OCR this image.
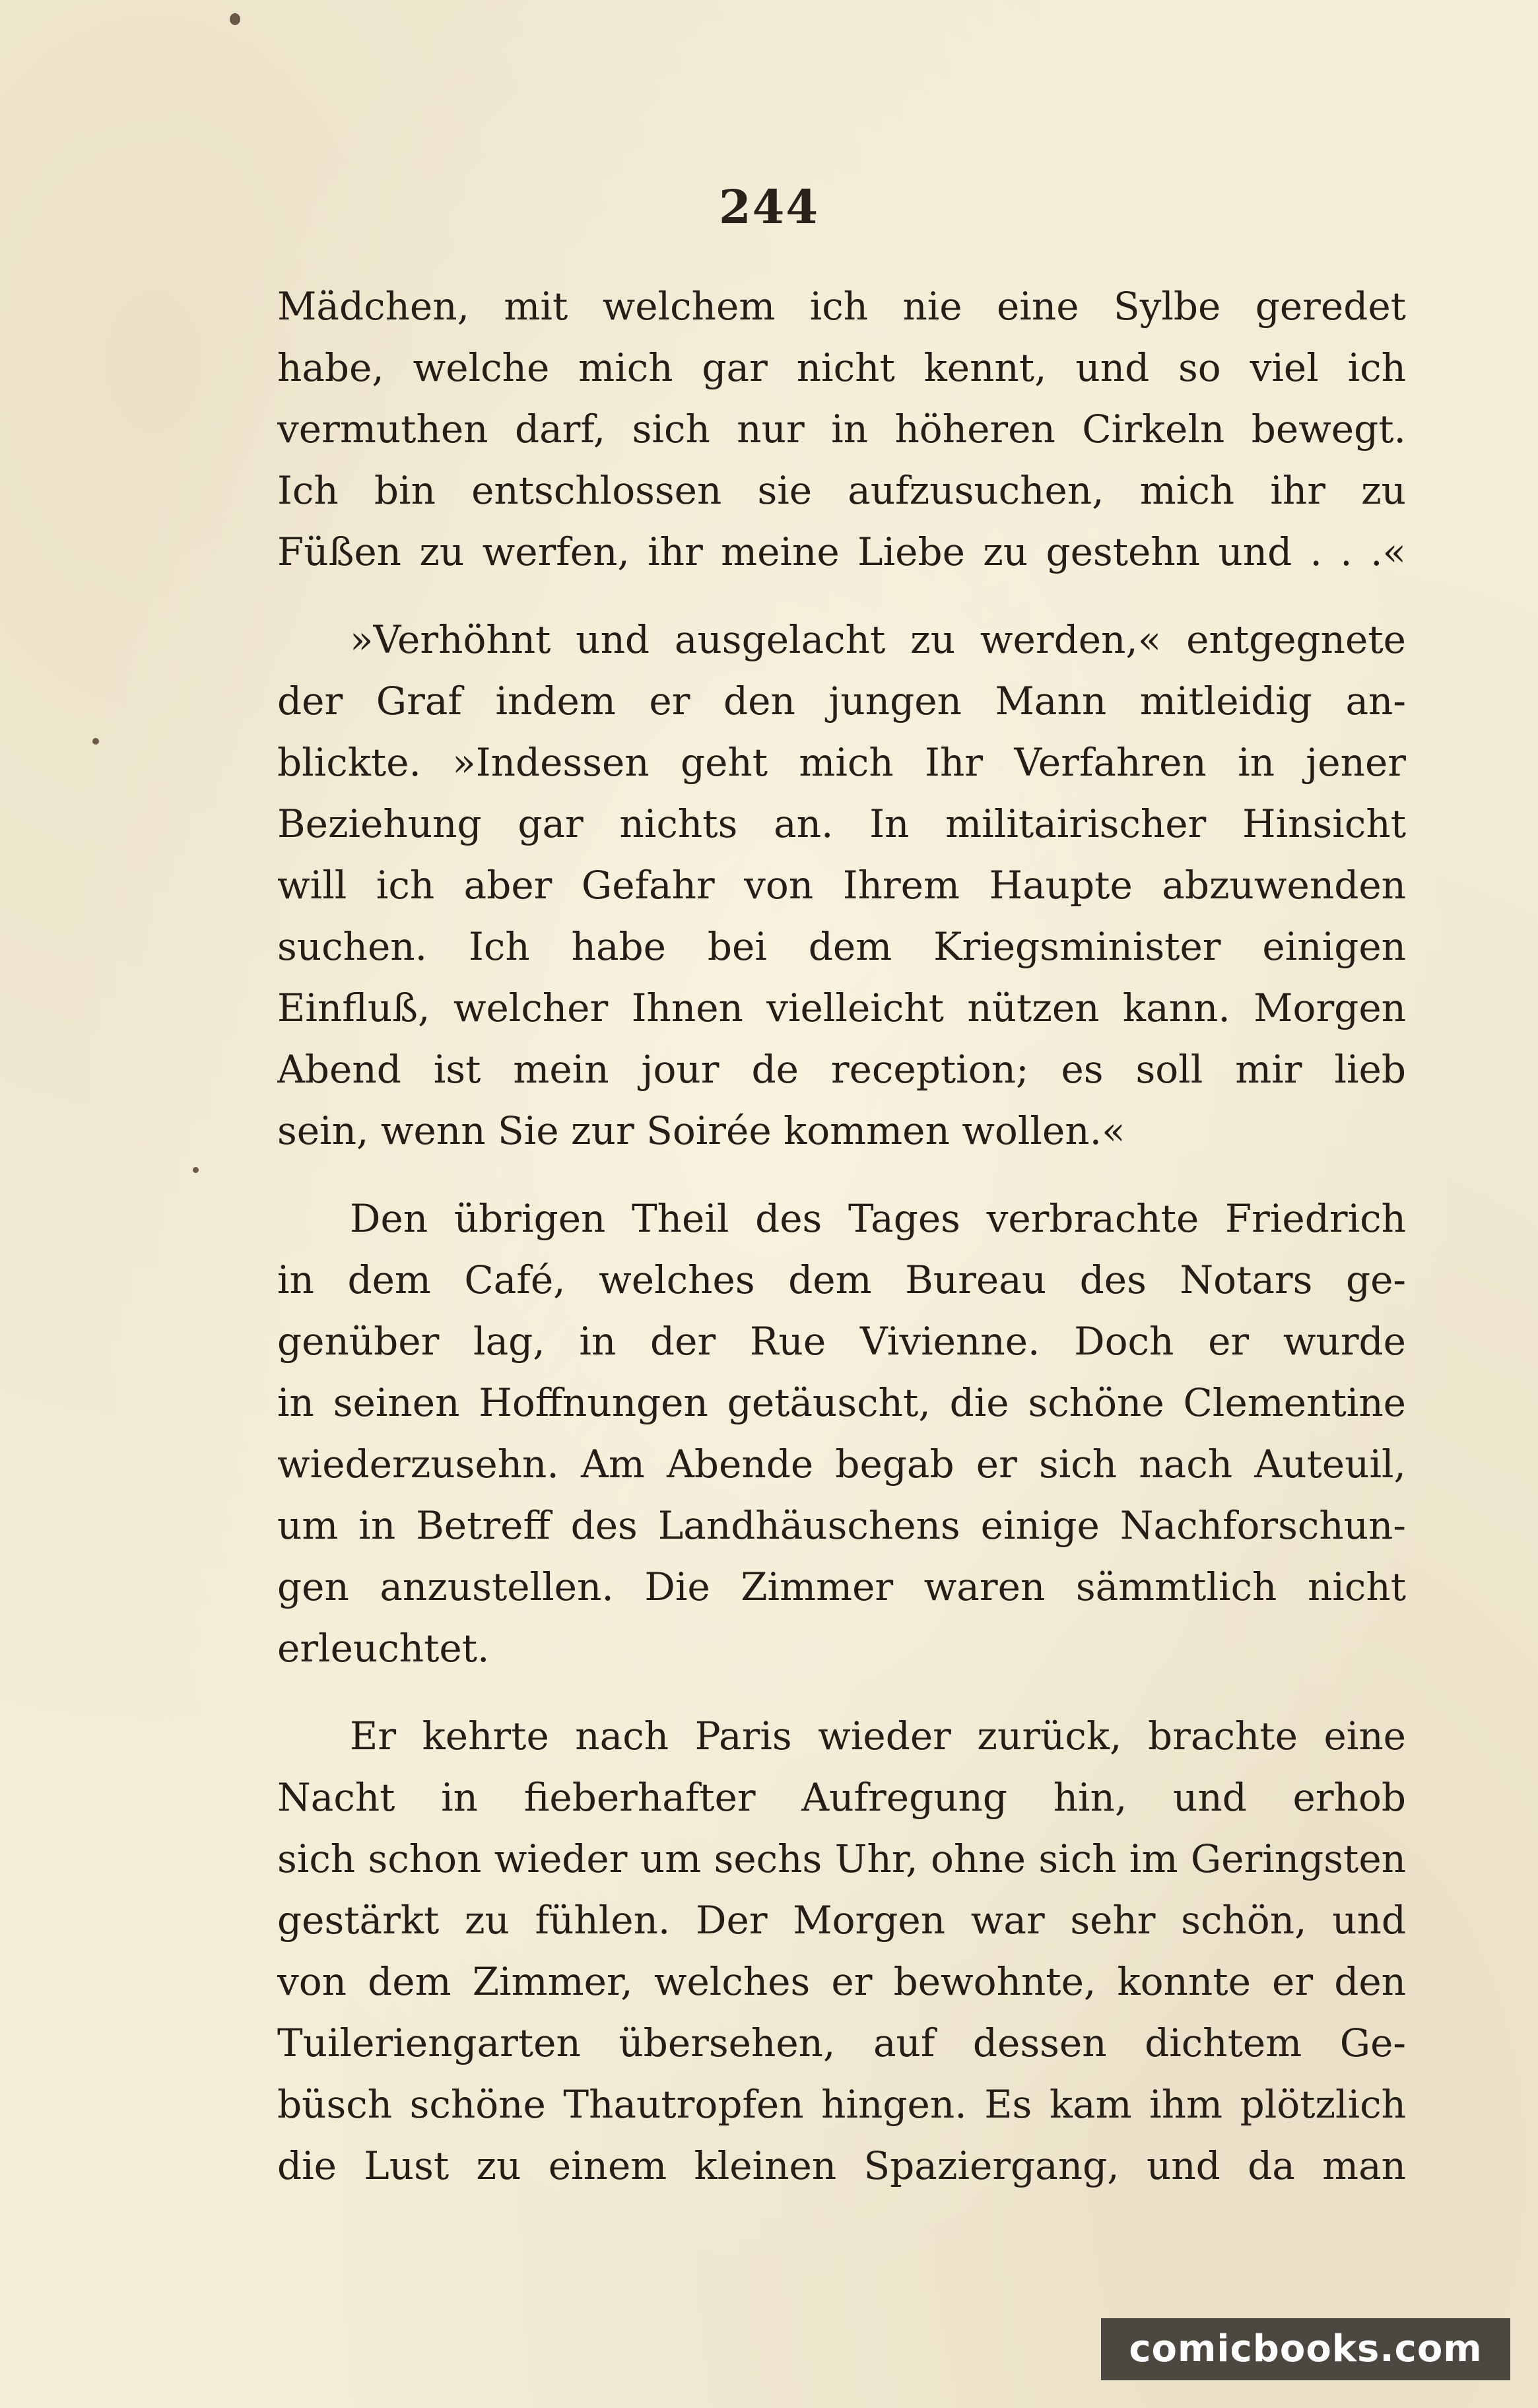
244
Mädchen, mit welchem ich nie eine Sylbe geredet
habe, welche mich gar nicht kennt, und so viel ich
vermuthen darf, sich nur in höheren Cirkeln bewegt.
Ich bin entschlossen sie aufzusuchen, mich ihr zu
Füßen zu werfen, ihr meine Liebe zu gestehn und . . .«
»Verhöhnt und ausgelacht zu werden,« entgegnete
der Graf indem er den jungen Mann mitleidig an-
blickte. »Indessen geht mich Ihr Verfahren in jener
Beziehung gar nichts an. In militairischer Hinsicht
will ich aber Gefahr von Ihrem Haupte abzuwenden
suchen. Ich habe bei dem Kriegsminister einigen
Einfluß, welcher Ihnen vielleicht nützen kann. Morgen
Abend ist mein jour de reception; es soll mir lieb
sein, wenn Sie zur Soirée kommen wollen.«
Den übrigen Theil des Tages verbrachte Friedrich
in dem Café, welches dem Bureau des Notars ge-
genüber lag, in der Rue Vivienne. Doch er wurde
in seinen Hoffnungen getäuscht, die schöne Clementine
wiederzusehn. Am Abende begab er sich nach Auteuil,
um in Betreff des Landhäuschens einige Nachforschun-
gen anzustellen. Die Zimmer waren sämmtlich nicht
erleuchtet.
Er kehrte nach Paris wieder zurück, brachte eine
Nacht in fieberhafter Aufregung hin, und erhob
sich schon wieder um sechs Uhr, ohne sich im Geringsten
gestärkt zu fühlen. Der Morgen war sehr schön, und
von dem Zimmer, welches er bewohnte, konnte er den
Tuileriengarten übersehen, auf dessen dichtem Ge-
büsch schöne Thautropfen hingen. Es kam ihm plötzlich
die Lust zu einem kleinen Spaziergang, und da man
comicbooks.com
